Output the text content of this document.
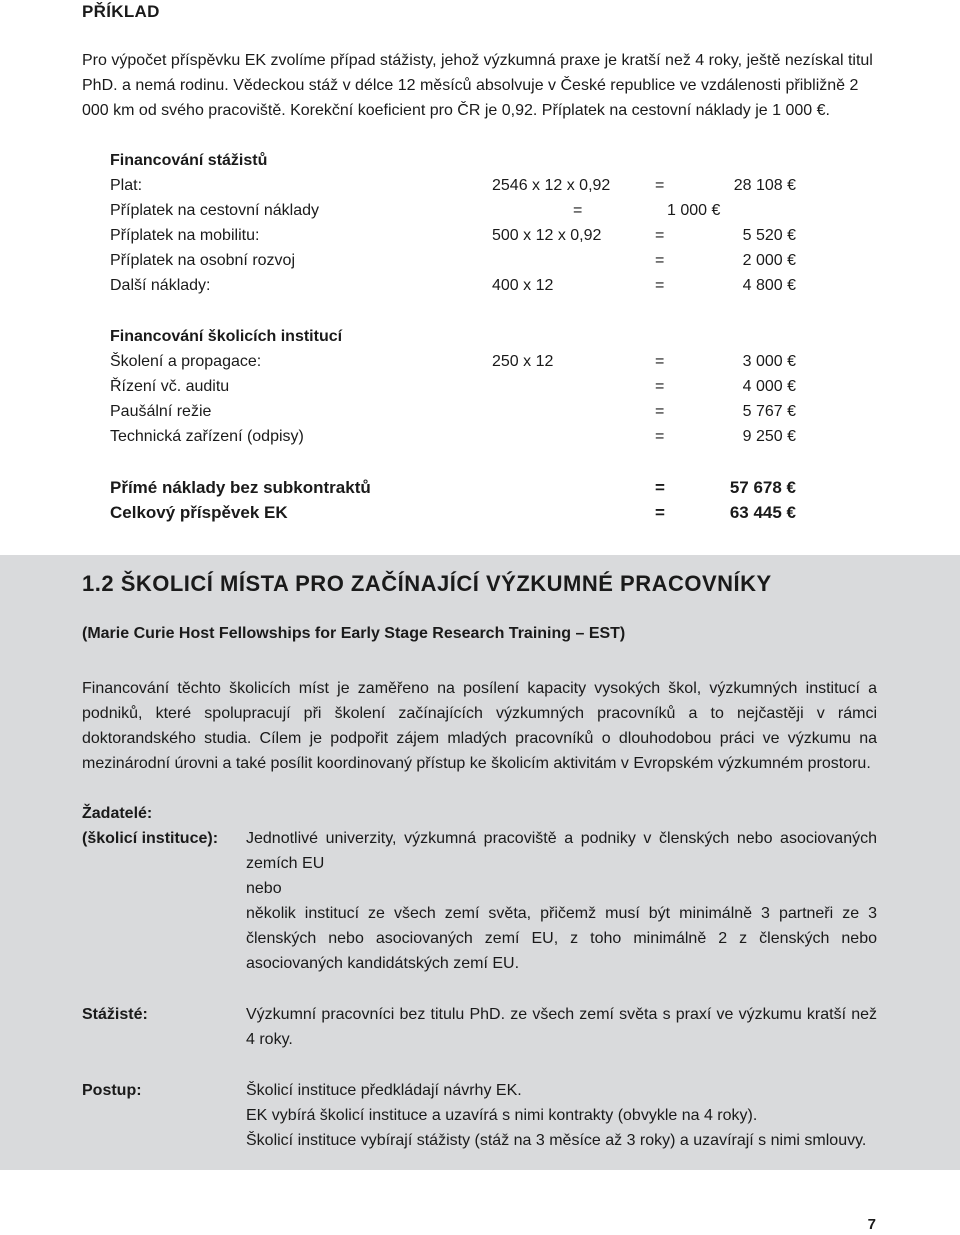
PŘÍKLAD
Pro výpočet příspěvku EK zvolíme případ stážisty, jehož výzkumná praxe je kratší než 4 roky, ještě nezískal titul PhD. a nemá rodinu. Vědeckou stáž v délce 12 měsíců absolvuje v České republice ve vzdálenosti přibližně 2 000 km od svého pracoviště. Korekční koeficient pro ČR je 0,92. Příplatek na cestovní náklady je 1 000 €.
Financování stážistů
Plat:	2546 x 12 x 0,92	=	28 108 €
Příplatek na cestovní náklady	=	1 000 €
Příplatek na mobilitu:	500 x 12 x 0,92	=	5 520 €
Příplatek na osobní rozvoj	=	2 000 €
Další náklady:	400 x 12	=	4 800 €
Financování školicích institucí
Školení a propagace:	250 x 12	=	3 000 €
Řízení vč. auditu	=	4 000 €
Paušální režie	=	5 767 €
Technická zařízení (odpisy)	=	9 250 €
Přímé náklady bez subkontraktů	=	57 678 €
Celkový příspěvek EK	=	63 445 €
1.2 ŠKOLICÍ MÍSTA PRO ZAČÍNAJÍCÍ VÝZKUMNÉ PRACOVNÍKY
(Marie Curie Host Fellowships for Early Stage Research Training – EST)
Financování těchto školicích míst je zaměřeno na posílení kapacity vysokých škol, výzkumných institucí a podniků, které spolupracují při školení začínajících výzkumných pracovníků a to nejčastěji v rámci doktorandského studia. Cílem je podpořit zájem mladých pracovníků o dlouhodobou práci ve výzkumu na mezinárodní úrovni a také posílit koordinovaný přístup ke školicím aktivitám v Evropském výzkumném prostoru.
Žadatelé:
(školicí instituce): Jednotlivé univerzity, výzkumná pracoviště a podniky v členských nebo asociovaných zemích EU
nebo
několik institucí ze všech zemí světa, přičemž musí být minimálně 3 partneři ze 3 členských nebo asociovaných zemí EU, z toho minimálně 2 z členských nebo asociovaných kandidátských zemí EU.
Stážisté:	Výzkumní pracovníci bez titulu PhD. ze všech zemí světa s praxí ve výzkumu kratší než 4 roky.
Postup:	Školicí instituce předkládají návrhy EK.
EK vybírá školicí instituce a uzavírá s nimi kontrakty (obvykle na 4 roky).
Školicí instituce vybírají stážisty (stáž na 3 měsíce až 3 roky) a uzavírají s nimi smlouvy.
7
